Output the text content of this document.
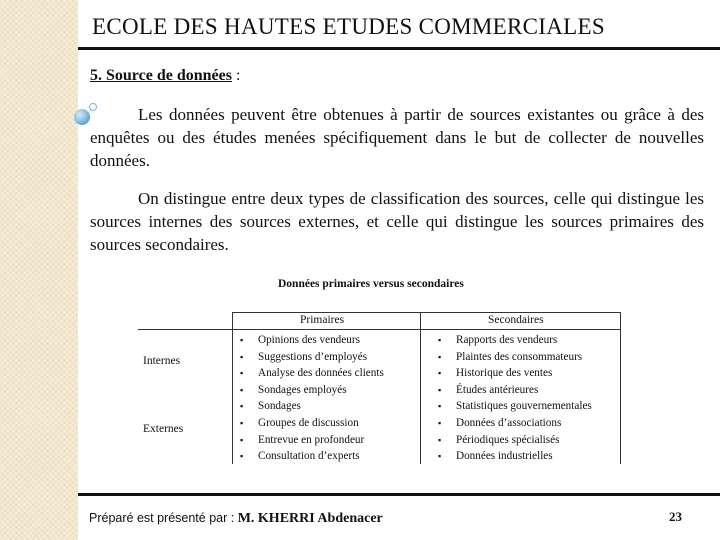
ECOLE DES HAUTES ETUDES COMMERCIALES
5. Source de données :

Les données peuvent être obtenues à partir de sources existantes ou grâce à des enquêtes ou des études menées spécifiquement dans le but de collecter de nouvelles données.

On distingue entre deux types de classification des sources, celle qui distingue les sources internes des sources externes, et celle qui distingue les sources primaires des sources secondaires.

Données primaires versus secondaires
Primaires	Secondaires
Internes
Externes
▪ Opinions des vendeurs
▪ Suggestions d’employés
▪ Analyse des données clients
▪ Sondages employés
▪ Sondages
▪ Groupes de discussion
▪ Entrevue en profondeur
▪ Consultation d’experts
▪ Rapports des vendeurs
▪ Plaintes des consommateurs
▪ Historique des ventes
▪ Études antérieures
▪ Statistiques gouvernementales
▪ Données d’associations
▪ Périodiques spécialisés
▪ Données industrielles
Préparé est présenté par : M. KHERRI Abdenacer	23
